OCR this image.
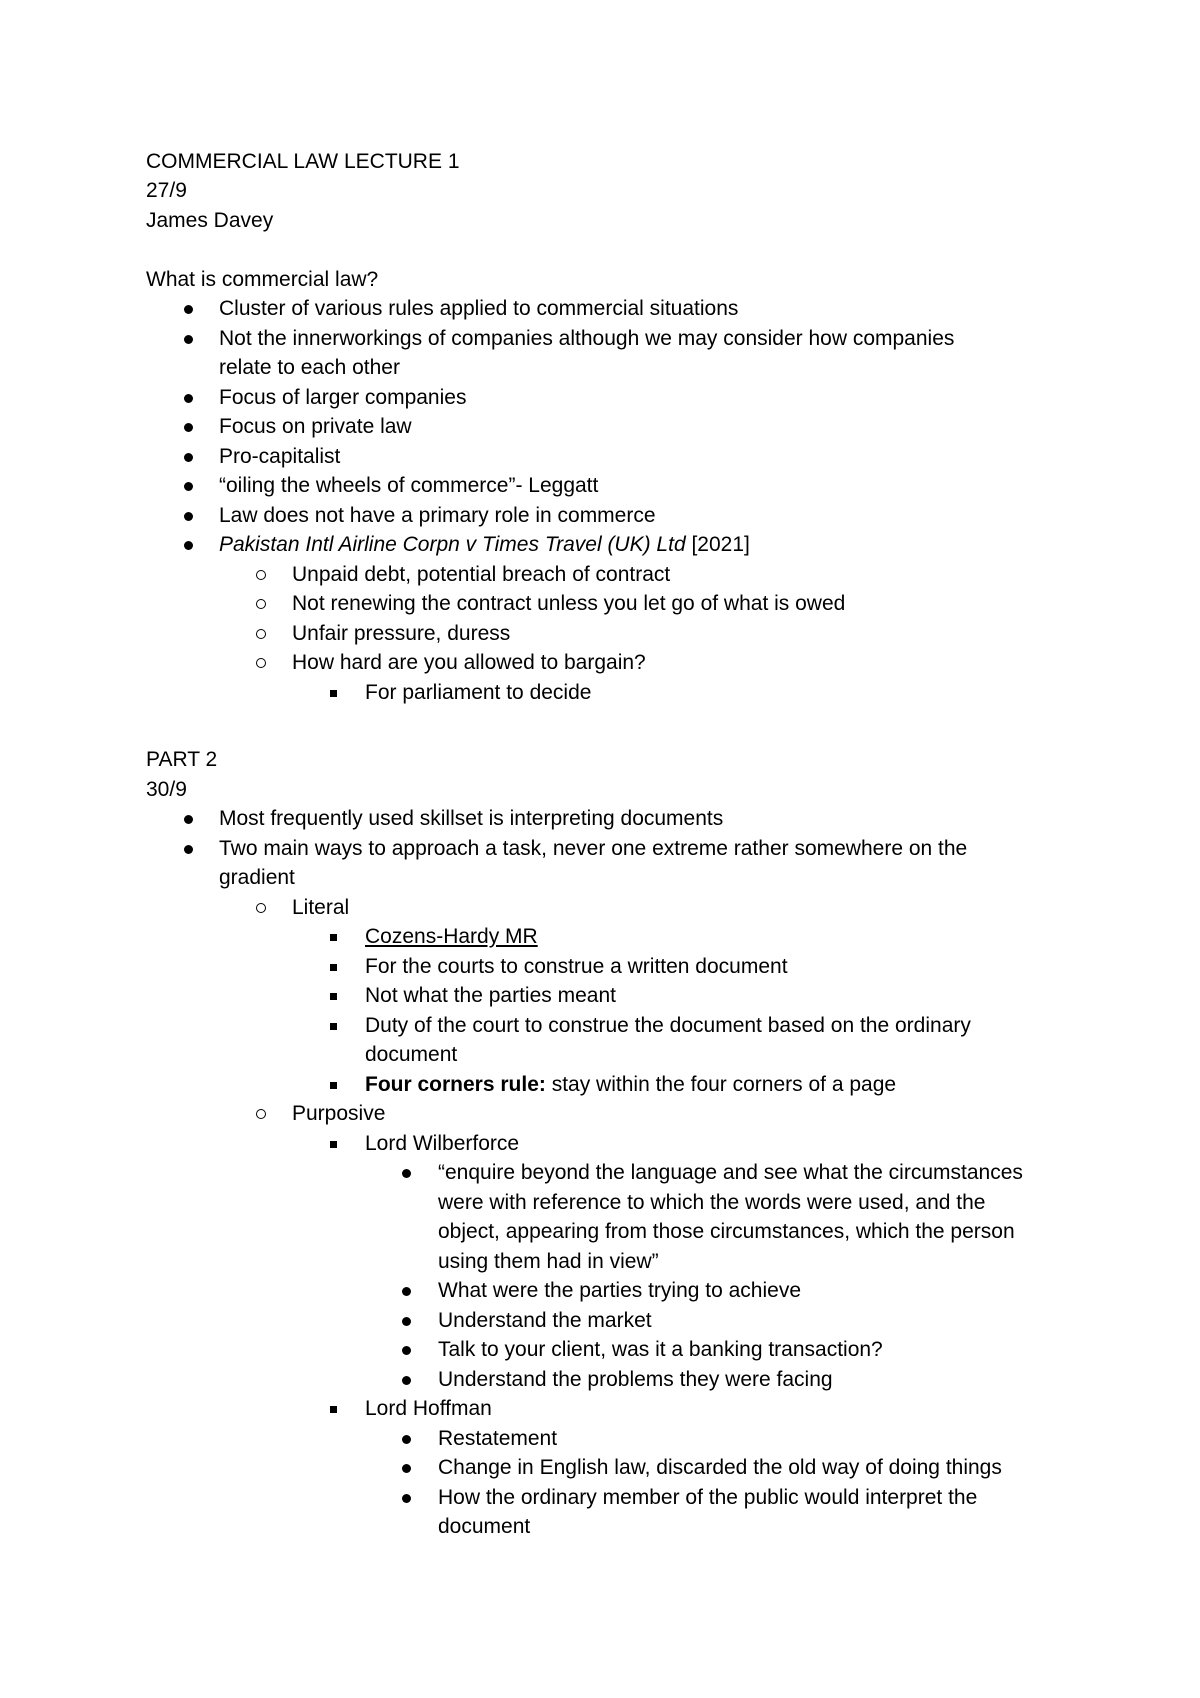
COMMERCIAL LAW LECTURE 1
27/9
James Davey
What is commercial law?
Cluster of various rules applied to commercial situations
Not the innerworkings of companies although we may consider how companies
relate to each other
Focus of larger companies
Focus on private law
Pro-capitalist
“oiling the wheels of commerce”- Leggatt
Law does not have a primary role in commerce
Pakistan Intl Airline Corpn v Times Travel (UK) Ltd [2021]
Unpaid debt, potential breach of contract
Not renewing the contract unless you let go of what is owed
Unfair pressure, duress
How hard are you allowed to bargain?
For parliament to decide
PART 2
30/9
Most frequently used skillset is interpreting documents
Two main ways to approach a task, never one extreme rather somewhere on the
gradient
Literal
Cozens-Hardy MR
For the courts to construe a written document
Not what the parties meant
Duty of the court to construe the document based on the ordinary
document
Four corners rule: stay within the four corners of a page
Purposive
Lord Wilberforce
“enquire beyond the language and see what the circumstances
were with reference to which the words were used, and the
object, appearing from those circumstances, which the person
using them had in view”
What were the parties trying to achieve
Understand the market
Talk to your client, was it a banking transaction?
Understand the problems they were facing
Lord Hoffman
Restatement
Change in English law, discarded the old way of doing things
How the ordinary member of the public would interpret the
document
